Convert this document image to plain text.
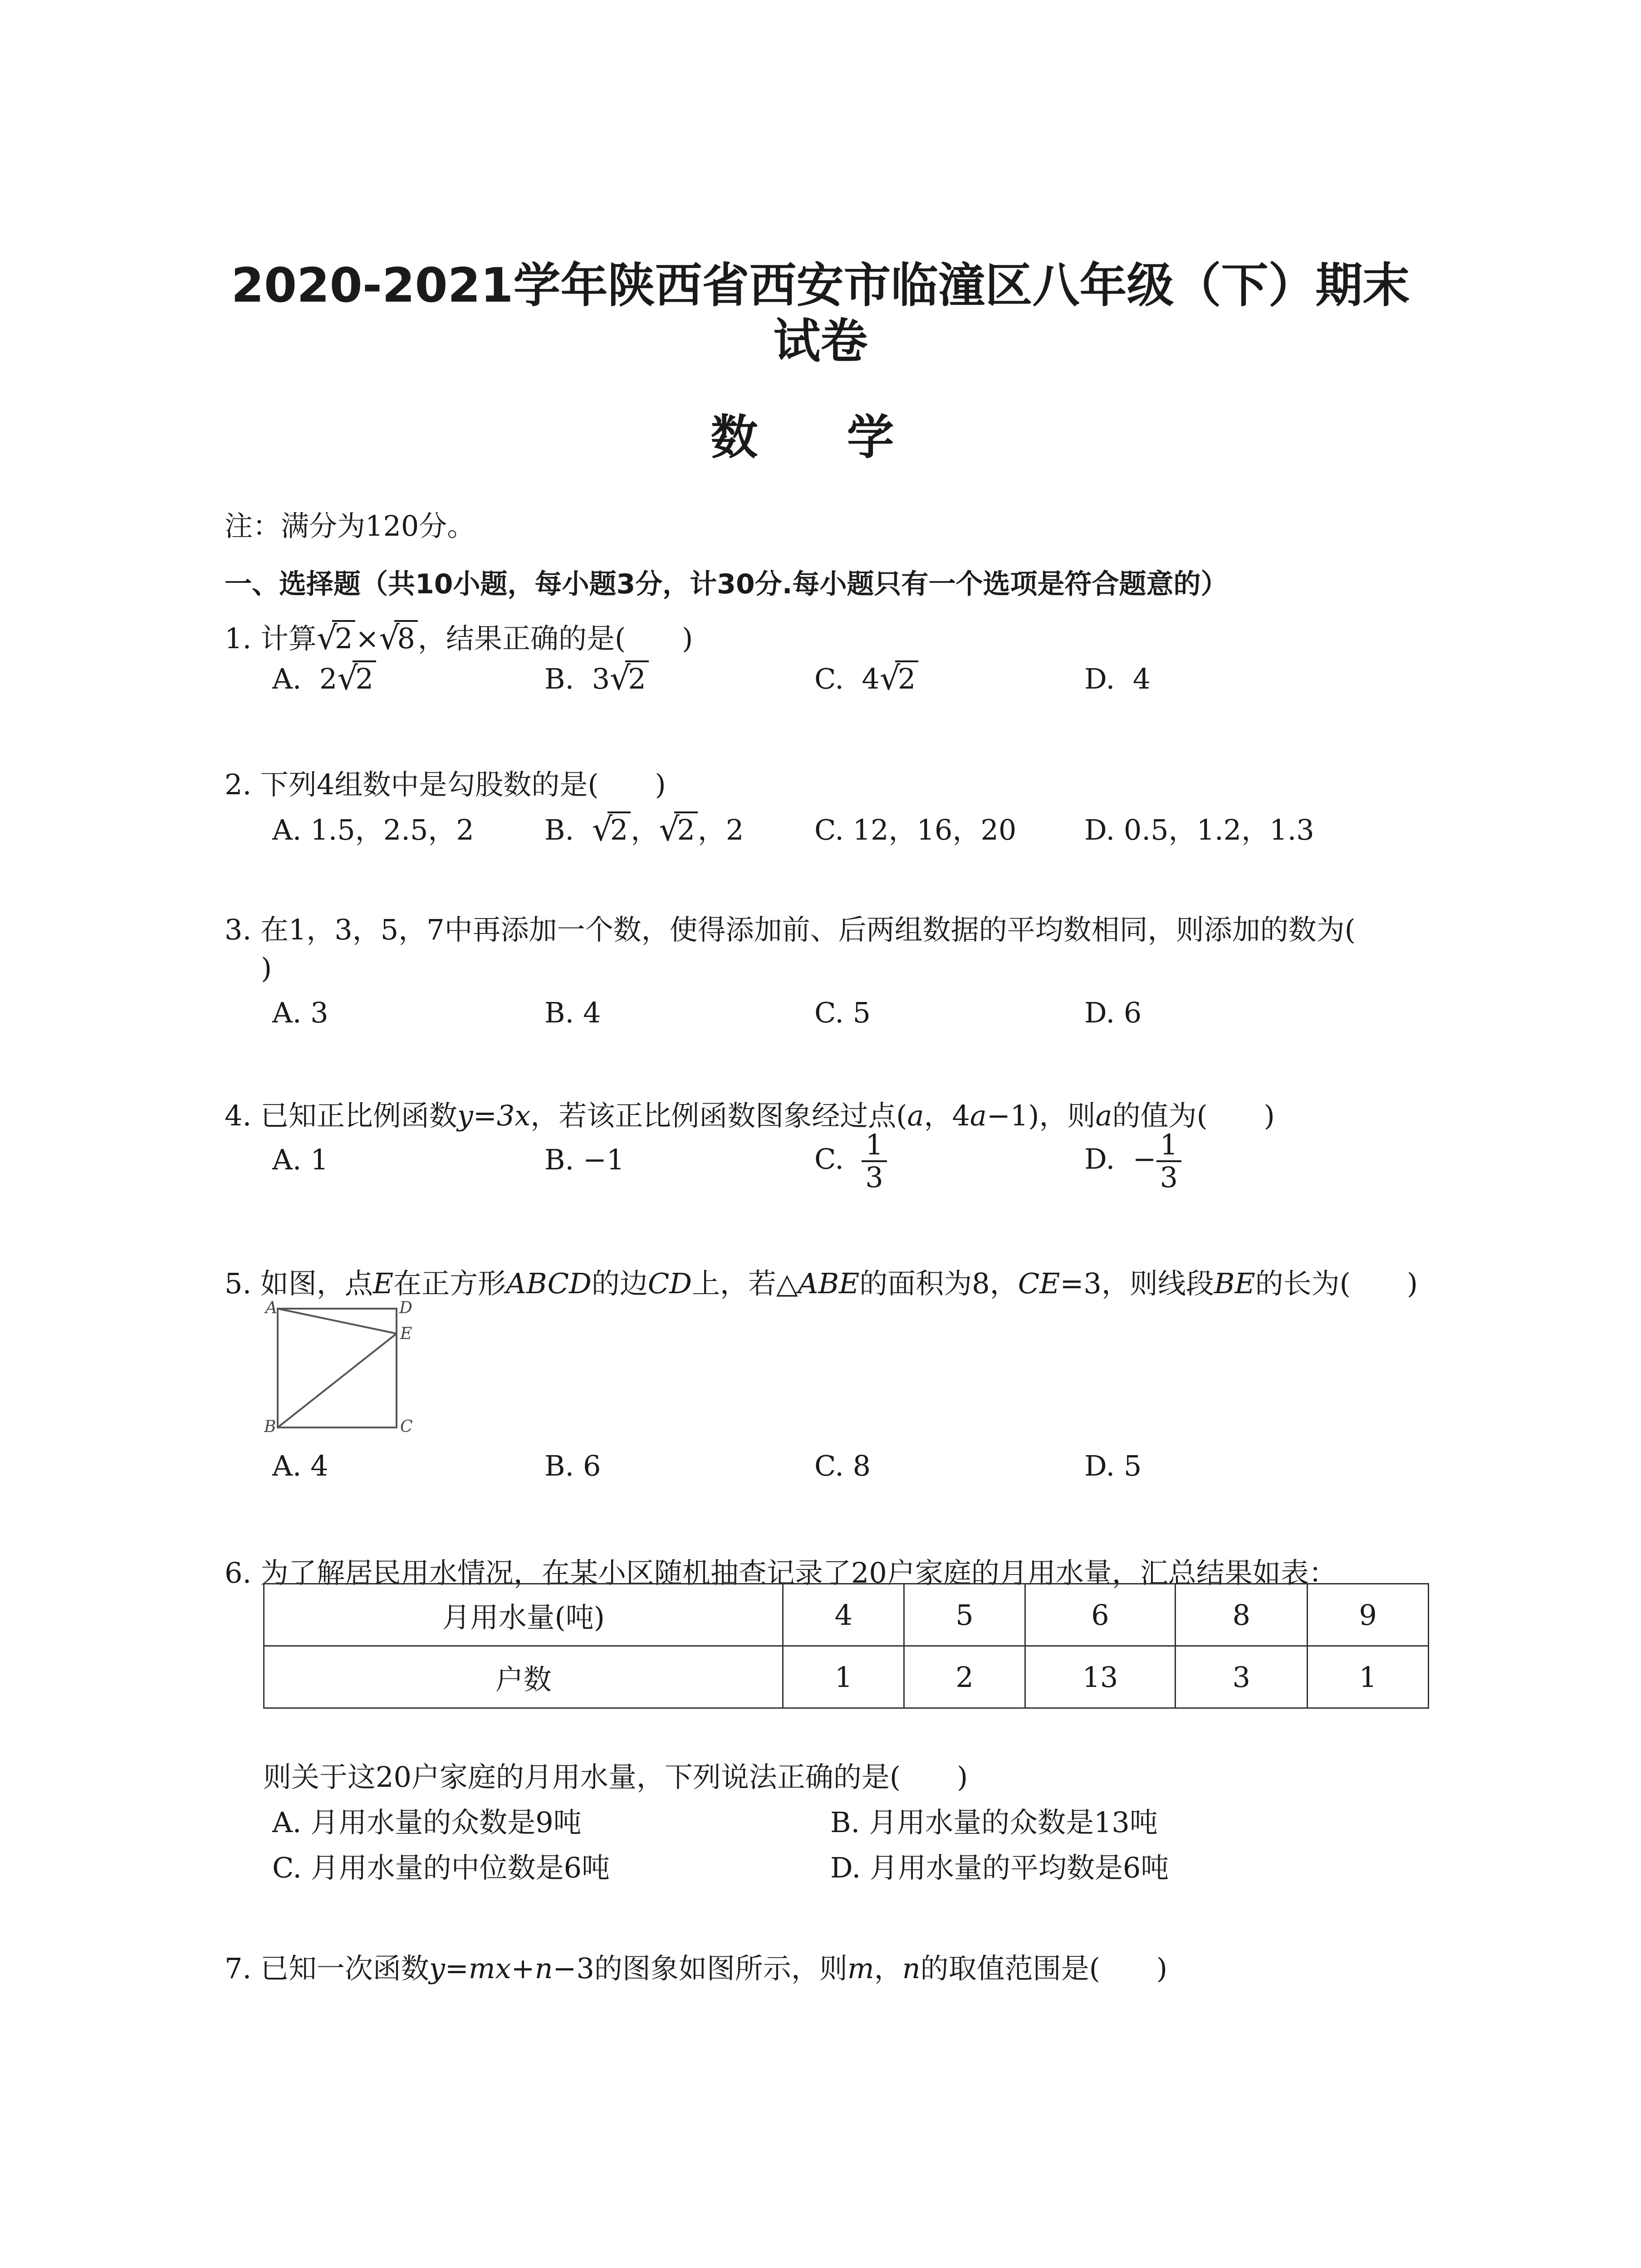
2020-2021学年陕西省西安市临潼区八年级（下）期末
试卷
数 学
注：满分为120分。
一、选择题（共10小题，每小题3分，计30分.每小题只有一个选项是符合题意的）
1. 计算 √ 2× √ 8，结果正确的是(　　)
A. 2 √ 2	B. 3 √ 2	C. 4 √ 2	D. 4
2. 下列4组数中是勾股数的是(　　)
A. 1.5，2.5，2	B. √ 2， √ 2，2	C. 12，16，20 D. 0.5，1.2，1.3
3. 在1，3，5，7中再添加一个数，使得添加前、后两组数据的平均数相同，则添加的数为(
)
A. 3	B. 4	C. 5	D. 6
4. 已知正比例函数y=3x，若该正比例函数图象经过点(a，4a−1)，则a的值为(　　)
A. 1	B. −1	C. $\frac{1}{3}$	D. − $\frac{1}{3}$
5. 如图，点E在正方形ABCD的边CD上，若△ABE的面积为8，CE=3，则线段BE的长为(　　)
A	D
E
B	C
A. 4	B. 6	C. 8	D. 5
6. 为了解居民用水情况，在某小区随机抽查记录了20户家庭的月用水量，汇总结果如表：
月用水量(吨)	4	5	6	8	9
户数	1	2	13	3	1
则关于这20户家庭的月用水量，下列说法正确的是(　　)
A. 月用水量的众数是9吨	B. 月用水量的众数是13吨
C. 月用水量的中位数是6吨	D. 月用水量的平均数是6吨
7. 已知一次函数y=mx+n−3的图象如图所示，则m，n的取值范围是(　　)
